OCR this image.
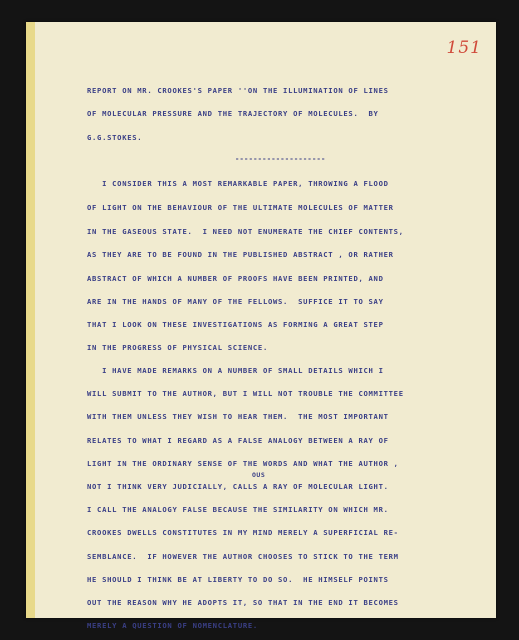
151
REPORT ON MR. CROOKES'S PAPER ''ON THE ILLUMINATION OF LINES
OF MOLECULAR PRESSURE AND THE TRAJECTORY OF MOLECULES.  BY
G.G.STOKES.
--------------------
I CONSIDER THIS A MOST REMARKABLE PAPER, THROWING A FLOOD
OF LIGHT ON THE BEHAVIOUR OF THE ULTIMATE MOLECULES OF MATTER
IN THE GASEOUS STATE.  I NEED NOT ENUMERATE THE CHIEF CONTENTS,
AS THEY ARE TO BE FOUND IN THE PUBLISHED ABSTRACT , OR RATHER
ABSTRACT OF WHICH A NUMBER OF PROOFS HAVE BEEN PRINTED, AND
ARE IN THE HANDS OF MANY OF THE FELLOWS.  SUFFICE IT TO SAY
THAT I LOOK ON THESE INVESTIGATIONS AS FORMING A GREAT STEP
IN THE PROGRESS OF PHYSICAL SCIENCE.
I HAVE MADE REMARKS ON A NUMBER OF SMALL DETAILS WHICH I
WILL SUBMIT TO THE AUTHOR, BUT I WILL NOT TROUBLE THE COMMITTEE
WITH THEM UNLESS THEY WISH TO HEAR THEM.  THE MOST IMPORTANT
RELATES TO WHAT I REGARD AS A FALSE ANALOGY BETWEEN A RAY OF
LIGHT IN THE ORDINARY SENSE OF THE WORDS AND WHAT THE AUTHOR ,
OUS
NOT I THINK VERY JUDICIALLY, CALLS A RAY OF MOLECULAR LIGHT.
I CALL THE ANALOGY FALSE BECAUSE THE SIMILARITY ON WHICH MR.
CROOKES DWELLS CONSTITUTES IN MY MIND MERELY A SUPERFICIAL RE-
SEMBLANCE.  IF HOWEVER THE AUTHOR CHOOSES TO STICK TO THE TERM
HE SHOULD I THINK BE AT LIBERTY TO DO SO.  HE HIMSELF POINTS
OUT THE REASON WHY HE ADOPTS IT, SO THAT IN THE END IT BECOMES
MERELY A QUESTION OF NOMENCLATURE.
